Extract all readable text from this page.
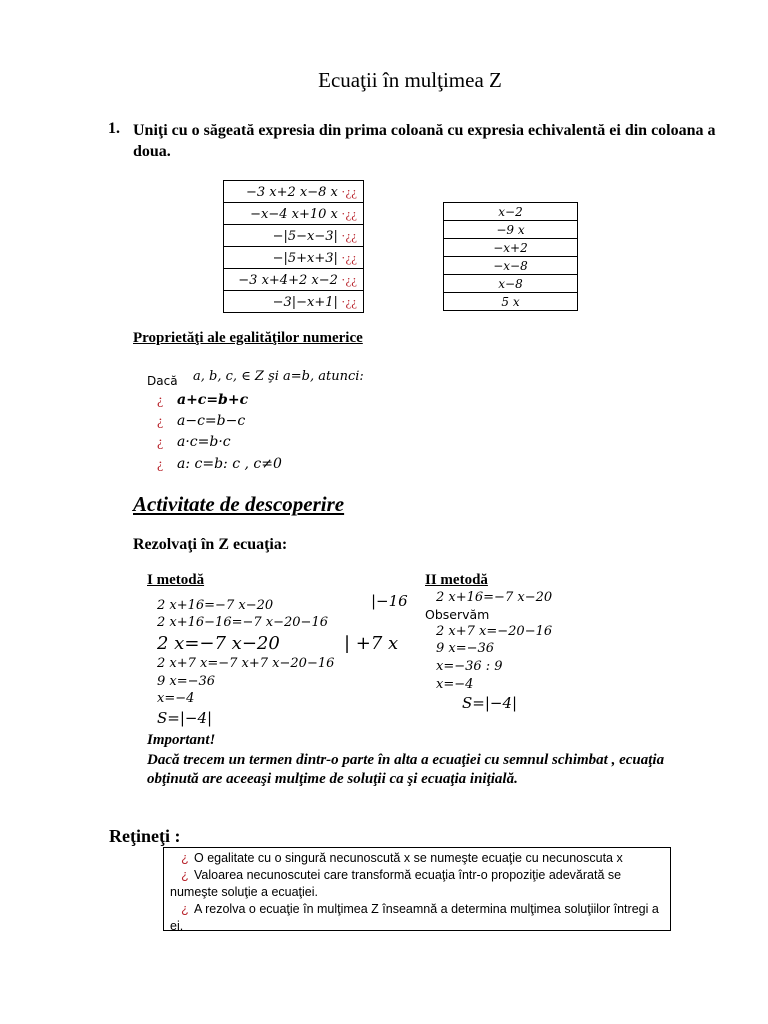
Ecuaţii în mulţimea Z
1. Uniţi cu o săgeată expresia din prima coloană cu expresia echivalentă ei din coloana a doua.
−3 x+2 x−8 x ·¿¿
−x−4 x+10 x ·¿¿
−|5−x−3| ·¿¿
−|5+x+3| ·¿¿
−3 x+4+2 x−2 ·¿¿
−3|−x+1| ·¿¿
x−2
−9 x
−x+2
−x−8
x−8
5 x
Proprietăţi ale egalităţilor numerice
Dacă a, b, c, ∈ Z şi a=b, atunci:
¿ a+c=b+c
¿ a−c=b−c
¿ a·c=b·c
¿ a: c=b: c , c≠0
Activitate de descoperire
Rezolvaţi în Z ecuaţia:
I metodă
2 x+16=−7 x−20
2 x+16−16=−7 x−20−16
2 x=−7 x−20
2 x+7 x=−7 x+7 x−20−16
9 x=−36
x=−4
S=|−4|
|−16
| +7 x
II metodă
2 x+16=−7 x−20
Observăm
2 x+7 x=−20−16
9 x=−36
x=−36 : 9
x=−4
S=|−4|
Important!
Dacă trecem un termen dintr-o parte în alta a ecuaţiei cu semnul schimbat , ecuaţia obţinută are aceeaşi mulţime de soluţii ca şi ecuaţia iniţială.
Reţineţi :
¿ O egalitate cu o singură necunoscută x se numeşte ecuaţie cu necunoscuta x
¿ Valoarea necunoscutei care transformă ecuaţia într-o propoziţie adevărată se numeşte soluţie a ecuaţiei.
¿ A rezolva o ecuaţie în mulţimea Z înseamnă a determina mulţimea soluţiilor întregi a ei.
